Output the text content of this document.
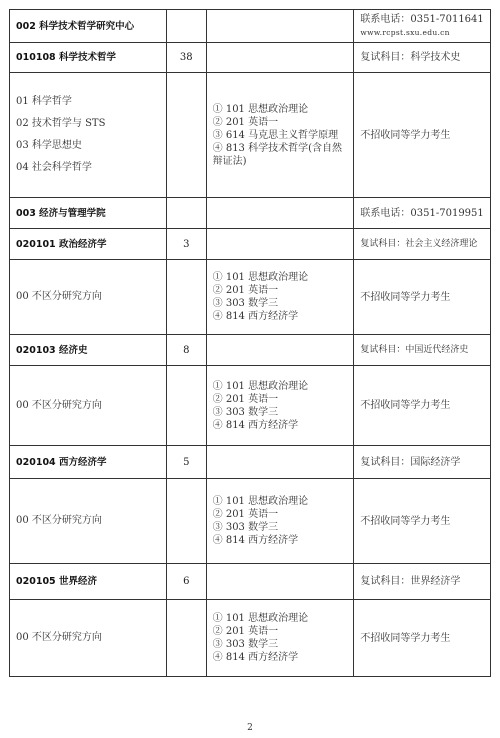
002 科学技术哲学研究中心			联系电话：0351-7011641
www.rcpst.sxu.edu.cn

010108 科学技术哲学	38		复试科目：科学技术史

01 科学哲学
02 技术哲学与 STS
03 科学思想史
04 社会科学哲学		① 101 思想政治理论
② 201 英语一
③ 614 马克思主义哲学原理
④ 813 科学技术哲学(含自然辩证法)	不招收同等学力考生
003 经济与管理学院			联系电话：0351-7019951
020101 政治经济学	3		复试科目：社会主义经济理论

00 不区分研究方向		① 101 思想政治理论
② 201 英语一
③ 303 数学三
④ 814 西方经济学	不招收同等学力考生
020103 经济史	8		复试科目：中国近代经济史

00 不区分研究方向		① 101 思想政治理论
② 201 英语一
③ 303 数学三
④ 814 西方经济学	不招收同等学力考生
020104 西方经济学	5		复试科目：国际经济学

00 不区分研究方向		① 101 思想政治理论
② 201 英语一
③ 303 数学三
④ 814 西方经济学	不招收同等学力考生
020105 世界经济	6		复试科目：世界经济学

00 不区分研究方向		① 101 思想政治理论
② 201 英语一
③ 303 数学三
④ 814 西方经济学	不招收同等学力考生
2
